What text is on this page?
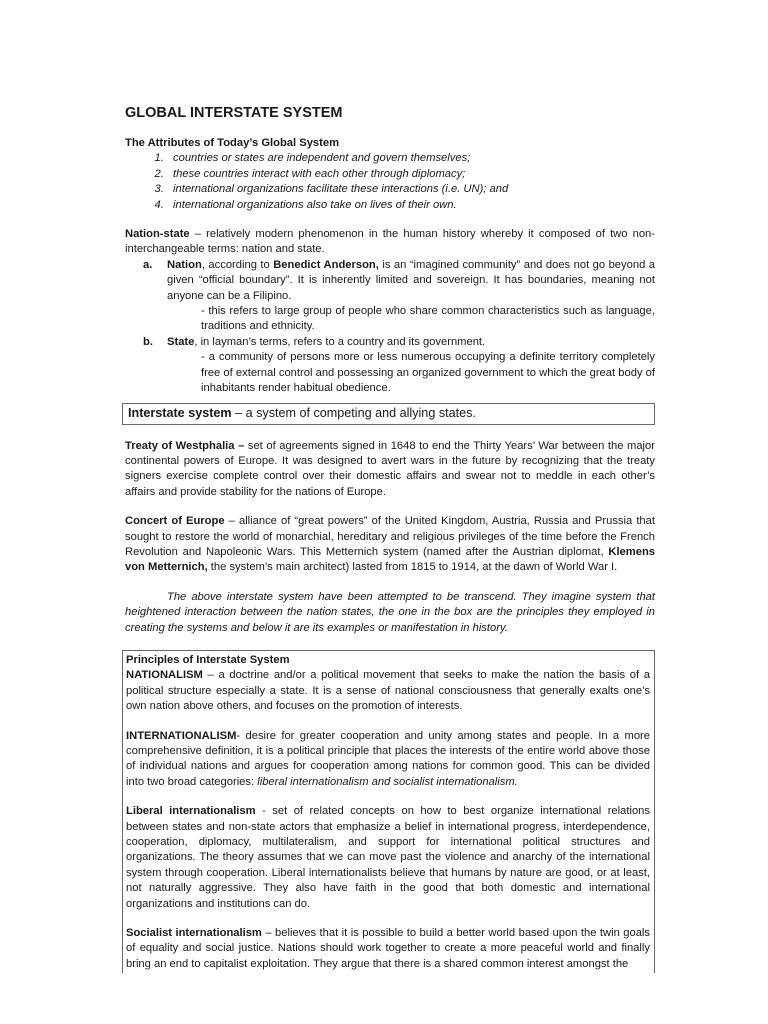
GLOBAL INTERSTATE SYSTEM
The Attributes of Today’s Global System
1. countries or states are independent and govern themselves;
2. these countries interact with each other through diplomacy;
3. international organizations facilitate these interactions (i.e. UN); and
4. international organizations also take on lives of their own.

Nation-state – relatively modern phenomenon in the human history whereby it composed of two non-interchangeable terms: nation and state.

a. Nation, according to Benedict Anderson, is an “imagined community” and does not go beyond a given “official boundary”. It is inherently limited and sovereign. It has boundaries, meaning not anyone can be a Filipino.
- this refers to large group of people who share common characteristics such as language, traditions and ethnicity.
b. State, in layman’s terms, refers to a country and its government.
- a community of persons more or less numerous occupying a definite territory completely free of external control and possessing an organized government to which the great body of inhabitants render habitual obedience.
Interstate system – a system of competing and allying states.

Treaty of Westphalia – set of agreements signed in 1648 to end the Thirty Years’ War between the major continental powers of Europe. It was designed to avert wars in the future by recognizing that the treaty signers exercise complete control over their domestic affairs and swear not to meddle in each other’s affairs and provide stability for the nations of Europe.

Concert of Europe – alliance of “great powers” of the United Kingdom, Austria, Russia and Prussia that sought to restore the world of monarchial, hereditary and religious privileges of the time before the French Revolution and Napoleonic Wars. This Metternich system (named after the Austrian diplomat, Klemens von Metternich, the system’s main architect) lasted from 1815 to 1914, at the dawn of World War I.

The above interstate system have been attempted to be transcend. They imagine system that heightened interaction between the nation states, the one in the box are the principles they employed in creating the systems and below it are its examples or manifestation in history.

Principles of Interstate System

NATIONALISM – a doctrine and/or a political movement that seeks to make the nation the basis of a political structure especially a state. It is a sense of national consciousness that generally exalts one’s own nation above others, and focuses on the promotion of interests.

INTERNATIONALISM- desire for greater cooperation and unity among states and people. In a more comprehensive definition, it is a political principle that places the interests of the entire world above those of individual nations and argues for cooperation among nations for common good. This can be divided into two broad categories: liberal internationalism and socialist internationalism.

Liberal internationalism - set of related concepts on how to best organize international relations between states and non-state actors that emphasize a belief in international progress, interdependence, cooperation, diplomacy, multilateralism, and support for international political structures and organizations. The theory assumes that we can move past the violence and anarchy of the international system through cooperation. Liberal internationalists believe that humans by nature are good, or at least, not naturally aggressive. They also have faith in the good that both domestic and international organizations and institutions can do.

Socialist internationalism – believes that it is possible to build a better world based upon the twin goals of equality and social justice. Nations should work together to create a more peaceful world and finally bring an end to capitalist exploitation. They argue that there is a shared common interest amongst the
